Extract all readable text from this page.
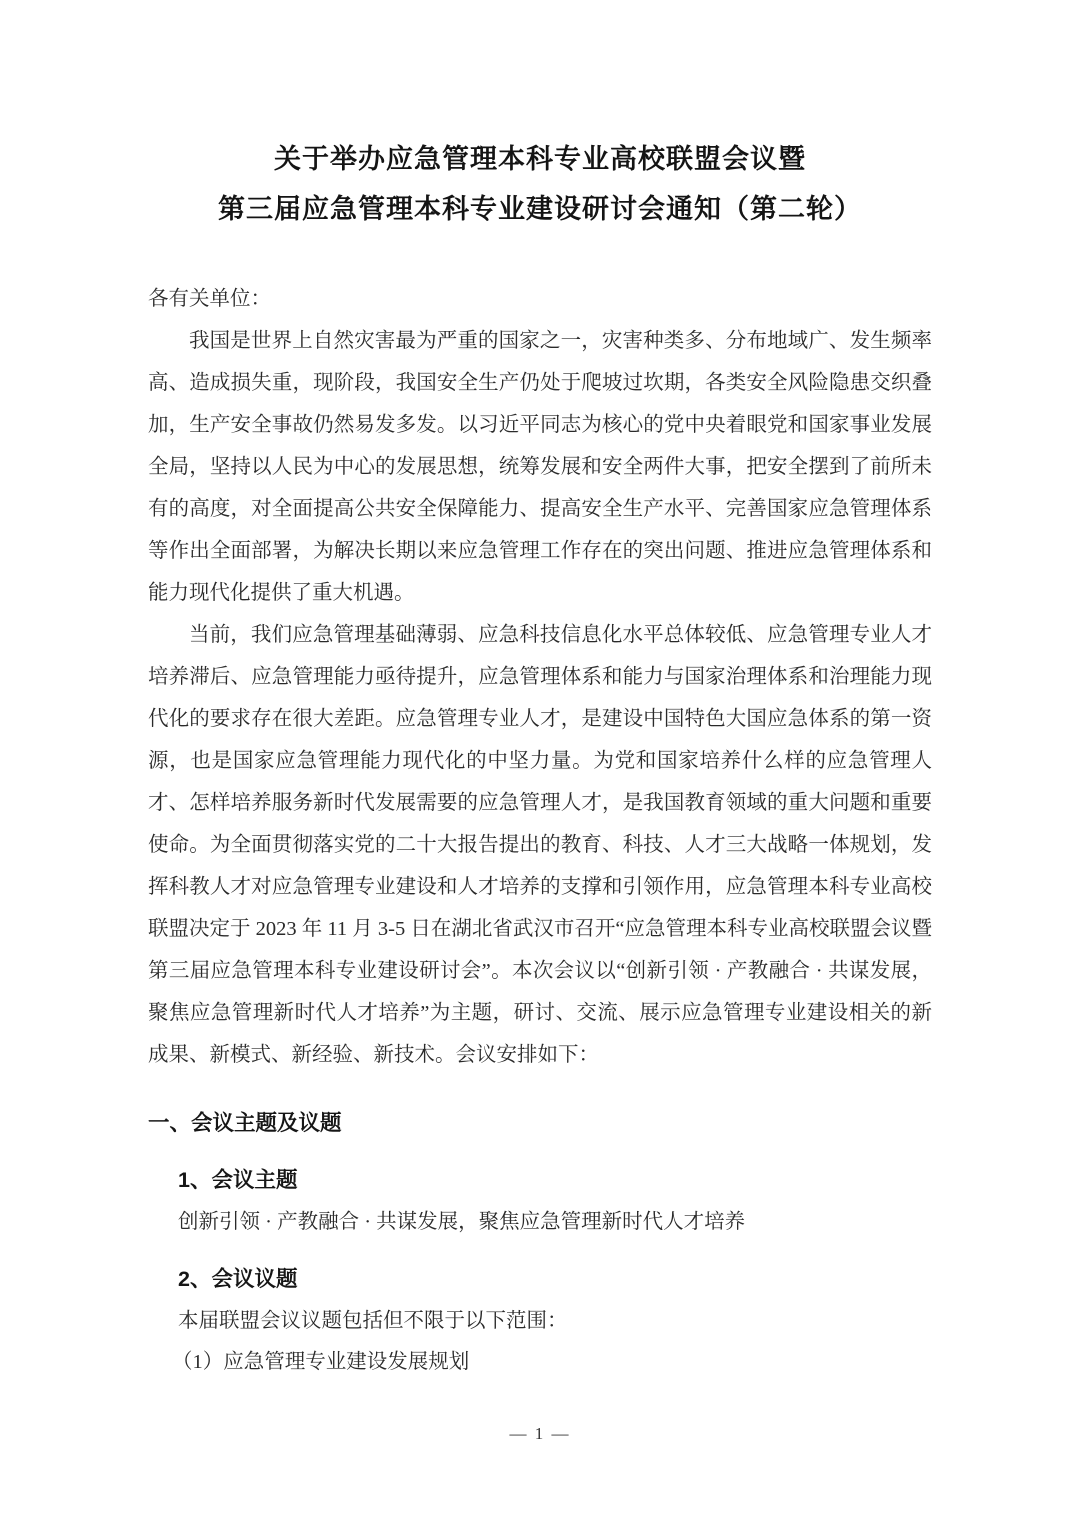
关于举办应急管理本科专业高校联盟会议暨
第三届应急管理本科专业建设研讨会通知（第二轮）

各有关单位：

我国是世界上自然灾害最为严重的国家之一，灾害种类多、分布地域广、发生频率高、造成损失重，现阶段，我国安全生产仍处于爬坡过坎期，各类安全风险隐患交织叠加，生产安全事故仍然易发多发。以习近平同志为核心的党中央着眼党和国家事业发展全局，坚持以人民为中心的发展思想，统筹发展和安全两件大事，把安全摆到了前所未有的高度，对全面提高公共安全保障能力、提高安全生产水平、完善国家应急管理体系等作出全面部署，为解决长期以来应急管理工作存在的突出问题、推进应急管理体系和能力现代化提供了重大机遇。

当前，我们应急管理基础薄弱、应急科技信息化水平总体较低、应急管理专业人才培养滞后、应急管理能力亟待提升，应急管理体系和能力与国家治理体系和治理能力现代化的要求存在很大差距。应急管理专业人才，是建设中国特色大国应急体系的第一资源，也是国家应急管理能力现代化的中坚力量。为党和国家培养什么样的应急管理人才、怎样培养服务新时代发展需要的应急管理人才，是我国教育领域的重大问题和重要使命。为全面贯彻落实党的二十大报告提出的教育、科技、人才三大战略一体规划，发挥科教人才对应急管理专业建设和人才培养的支撑和引领作用，应急管理本科专业高校联盟决定于 2023 年 11 月 3-5 日在湖北省武汉市召开“应急管理本科专业高校联盟会议暨第三届应急管理本科专业建设研讨会”。本次会议以“创新引领 · 产教融合 · 共谋发展，聚焦应急管理新时代人才培养”为主题，研讨、交流、展示应急管理专业建设相关的新成果、新模式、新经验、新技术。会议安排如下：

一、会议主题及议题
1、会议主题

创新引领 · 产教融合 · 共谋发展，聚焦应急管理新时代人才培养

2、会议议题

本届联盟会议议题包括但不限于以下范围：

（1）应急管理专业建设发展规划

— 1 —
